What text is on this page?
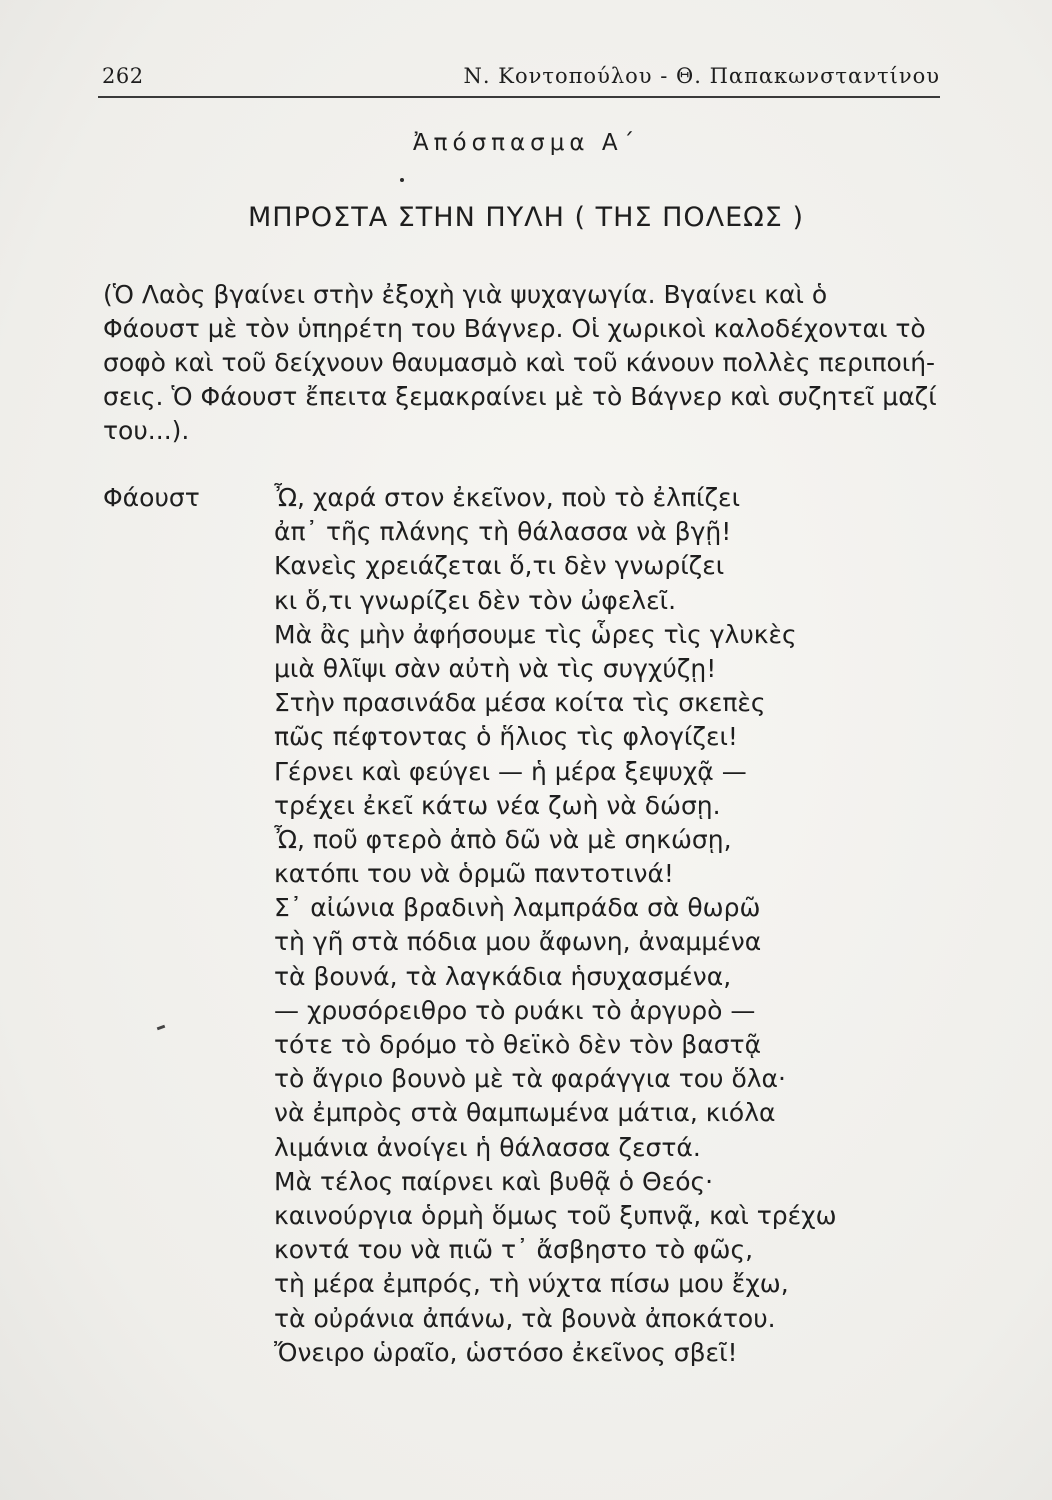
262	Ν. Κοντοπούλου - Θ. Παπακωνσταντίνου
Ἀπόσπασμα Α΄
ΜΠΡΟΣΤΑ ΣΤΗΝ ΠΥΛΗ ( ΤΗΣ ΠΟΛΕΩΣ )
(Ὁ Λαὸς βγαίνει στὴν ἐξοχὴ γιὰ ψυχαγωγία. Βγαίνει καὶ ὁ
Φάουστ μὲ τὸν ὑπηρέτη του Βάγνερ. Οἱ χωρικοὶ καλοδέχονται τὸ
σοφὸ καὶ τοῦ δείχνουν θαυμασμὸ καὶ τοῦ κάνουν πολλὲς περιποιή-
σεις. Ὁ Φάουστ ἔπειτα ξεμακραίνει μὲ τὸ Βάγνερ καὶ συζητεῖ μαζί
του...).
Φάουστ	Ὦ, χαρά στον ἐκεῖνον, ποὺ τὸ ἐλπίζει
ἀπ᾽ τῆς πλάνης τὴ θάλασσα νὰ βγῇ!
Κανεὶς χρειάζεται ὅ,τι δὲν γνωρίζει
κι ὅ,τι γνωρίζει δὲν τὸν ὠφελεῖ.
Μὰ ἂς μὴν ἀφήσουμε τὶς ὧρες τὶς γλυκὲς
μιὰ θλῖψι σὰν αὐτὴ νὰ τὶς συγχύζῃ!
Στὴν πρασινάδα μέσα κοίτα τὶς σκεπὲς
πῶς πέφτοντας ὁ ἥλιος τὶς φλογίζει!
Γέρνει καὶ φεύγει — ἡ μέρα ξεψυχᾷ —
τρέχει ἐκεῖ κάτω νέα ζωὴ νὰ δώσῃ.
Ὦ, ποῦ φτερὸ ἀπὸ δῶ νὰ μὲ σηκώσῃ,
κατόπι του νὰ ὁρμῶ παντοτινά!
Σ᾽ αἰώνια βραδινὴ λαμπράδα σὰ θωρῶ
τὴ γῆ στὰ πόδια μου ἄφωνη, ἀναμμένα
τὰ βουνά, τὰ λαγκάδια ἡσυχασμένα,
— χρυσόρειθρο τὸ ρυάκι τὸ ἀργυρὸ —
τότε τὸ δρόμο τὸ θεϊκὸ δὲν τὸν βαστᾷ
τὸ ἄγριο βουνὸ μὲ τὰ φαράγγια του ὅλα·
νὰ ἐμπρὸς στὰ θαμπωμένα μάτια, κιόλα
λιμάνια ἀνοίγει ἡ θάλασσα ζεστά.
Μὰ τέλος παίρνει καὶ βυθᾷ ὁ Θεός·
καινούργια ὁρμὴ ὅμως τοῦ ξυπνᾷ, καὶ τρέχω
κοντά του νὰ πιῶ τ᾽ ἄσβηστο τὸ φῶς,
τὴ μέρα ἐμπρός, τὴ νύχτα πίσω μου ἔχω,
τὰ οὐράνια ἀπάνω, τὰ βουνὰ ἀποκάτου.
Ὄνειρο ὡραῖο, ὡστόσο ἐκεῖνος σβεῖ!
